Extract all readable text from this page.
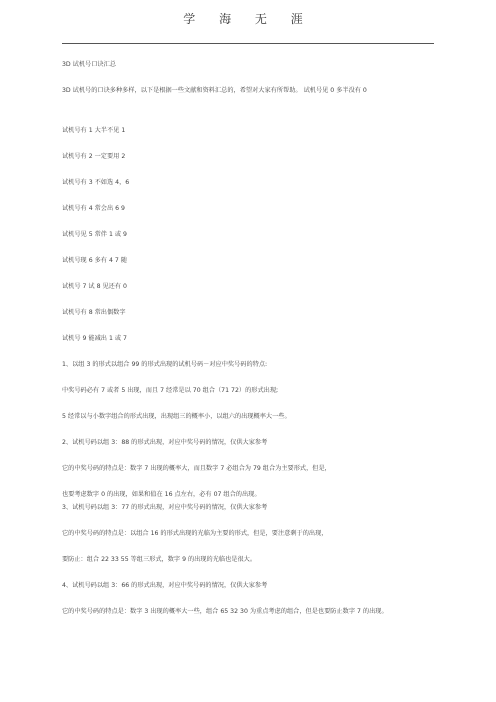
学 海 无 涯
3D 试机号口诀汇总
3D 试机号的口诀多种多样，以下是根据一些文献和资料汇总的，希望对大家有所帮助。 试机号见 0 多半没有 0
试机号有 1 大半不见 1
试机号有 2 一定要用 2
试机号有 3 不如选 4，6
试机号有 4 常会出 6 9
试机号见 5 常伴 1 或 9
试机号现 6 多有 4 7 随
试机号 7 试 8 见还有 0
试机号有 8 常出偶数字
试机号 9 能减出 1 或 7
1、以组 3 的形式以组合 99 的形式出现的试机号码－对应中奖号码的特点:
中奖号码必有 7 或者 5 出现，而且 7 经常是以 70 组合（71 72）的形式出现;
5 经常以与小数字组合的形式出现，出现组三的概率小，以组六的出现概率大一些。
2、试机号码以组 3：88 的形式出现，对应中奖号码的情况，仅供大家参考
它的中奖号码的特点是：数字 7 出现的概率大，而且数字 7 必组合为 79 组合为主要形式，但是，
也要考虑数字 0 的出现，如果和值在 16 点左右，必有 07 组合的出现。
3、试机号码以组 3：77 的形式出现，对应中奖号码的情况，仅供大家参考
它的中奖号码的特点是：以组合 16 的形式出现的光临为主要的形式，但是，要注意剩于的出现，
要防止：组合 22 33 55 等组三形式，数字 9 的出现的光临也是很大。
4、试机号码以组 3：66 的形式出现，对应中奖号码的情况，仅供大家参考
它的中奖号码的特点是：数字 3 出现的概率大一些，组合 65 32 30 为重点考虑的组合，但是也要防止数字 7 的出现。
